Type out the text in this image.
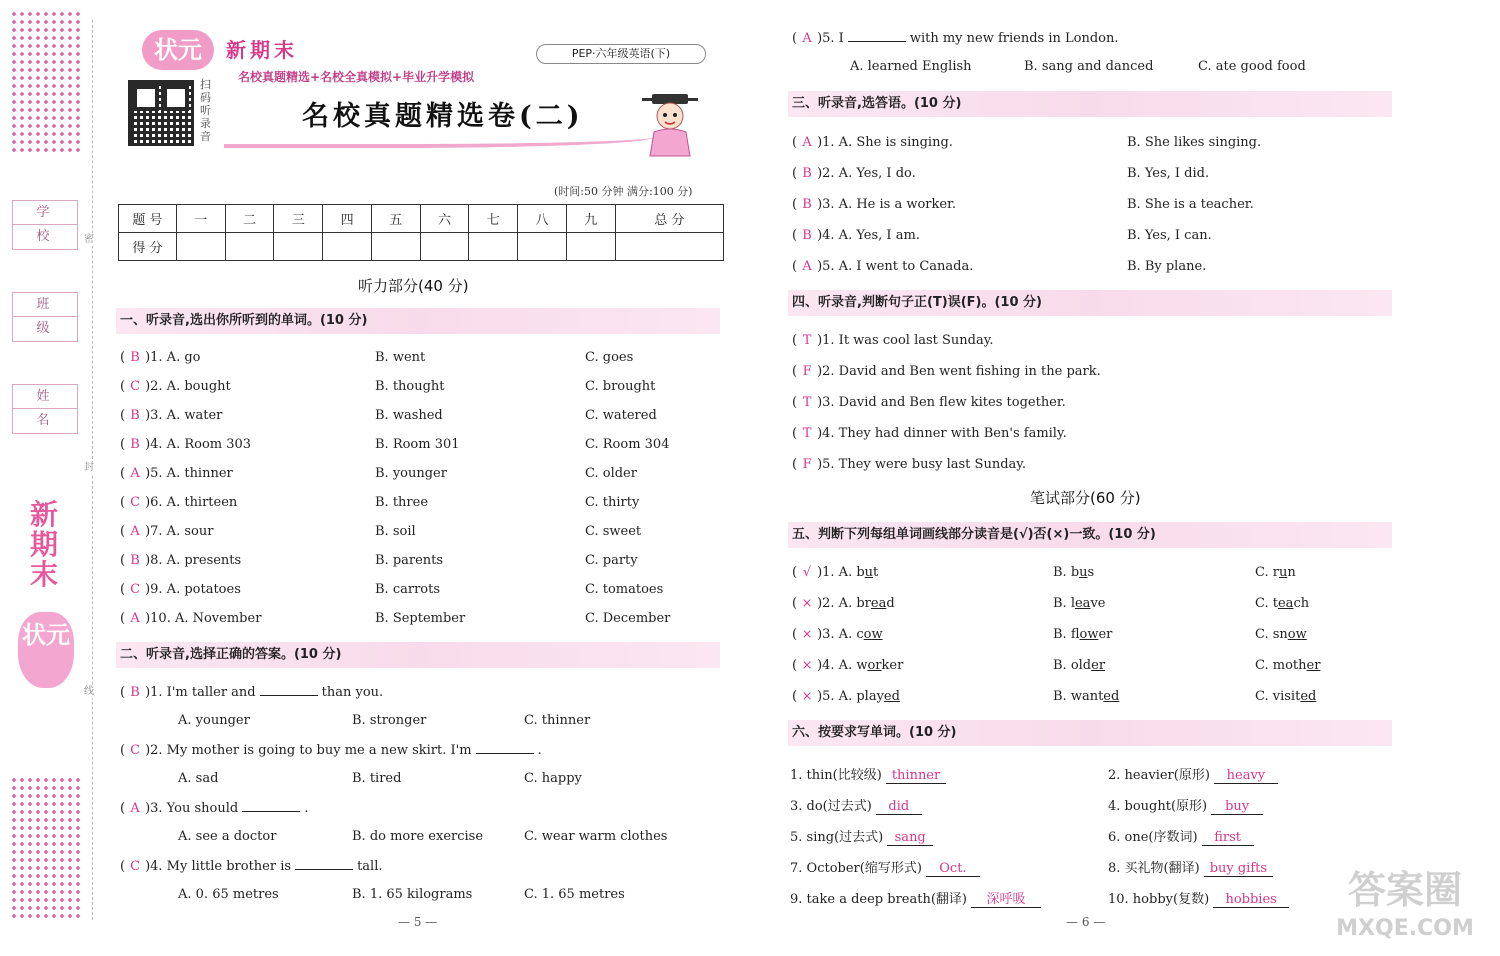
密
封
线
学 校
班 级
姓 名
新期末
状元
状元	新期末
名校真题精选+名校全真模拟+毕业升学模拟
PEP·六年级英语(下)
扫码听录音
名校真题精选卷(二)
(时间:50 分钟 满分:100 分)
题 号	一	二	三	四	五	六	七	八	九	总 分
得 分										
听力部分(40 分)
一、听录音,选出你所听到的单词。(10 分)
( B )1. A. go	B. went	C. goes
( C )2. A. bought	B. thought	C. brought
( B )3. A. water	B. washed	C. watered
( B )4. A. Room 303	B. Room 301	C. Room 304
( A )5. A. thinner	B. younger	C. older
( C )6. A. thirteen	B. three	C. thirty
( A )7. A. sour	B. soil	C. sweet
( B )8. A. presents	B. parents	C. party
( C )9. A. potatoes	B. carrots	C. tomatoes
( A )10. A. November	B. September	C. December
二、听录音,选择正确的答案。(10 分)
( B )1. I'm taller and	than you.
A. younger	B. stronger	C. thinner
( C )2. My mother is going to buy me a new skirt. I'm	.
A. sad	B. tired	C. happy
( A )3. You should	.
A. see a doctor	B. do more exercise	C. wear warm clothes
( C )4. My little brother is	tall.
A. 0. 65 metres	B. 1. 65 kilograms	C. 1. 65 metres
( A )5. I	with my new friends in London.
A. learned English	B. sang and danced	C. ate good food
— 5 —
三、听录音,选答语。(10 分)
( A )1. A. She is singing.	B. She likes singing.
( B )2. A. Yes, I do.	B. Yes, I did.
( B )3. A. He is a worker.	B. She is a teacher.
( B )4. A. Yes, I am.	B. Yes, I can.
( A )5. A. I went to Canada.	B. By plane.
四、听录音,判断句子正(T)误(F)。(10 分)
( T )1. It was cool last Sunday.
( F )2. David and Ben went fishing in the park.
( T )3. David and Ben flew kites together.
( T )4. They had dinner with Ben's family.
( F )5. They were busy last Sunday.
笔试部分(60 分)
五、判断下列每组单词画线部分读音是(√)否(×)一致。(10 分)
( √ )1. A. but	B. bus	C. run
( × )2. A. bread	B. leave	C. teach
( × )3. A. cow	B. flower	C. snow
( × )4. A. worker	B. older	C. mother
( × )5. A. played	B. wanted	C. visited
六、按要求写单词。(10 分)
1. thin(比较级) thinner	2. heavier(原形) heavy
3. do(过去式) did	4. bought(原形) buy
5. sing(过去式) sang	6. one(序数词) first
7. October(缩写形式) Oct.	8. 买礼物(翻译) buy gifts
9. take a deep breath(翻译) 深呼吸	10. hobby(复数) hobbies
— 6 —
答案圈
MXQE.COM
